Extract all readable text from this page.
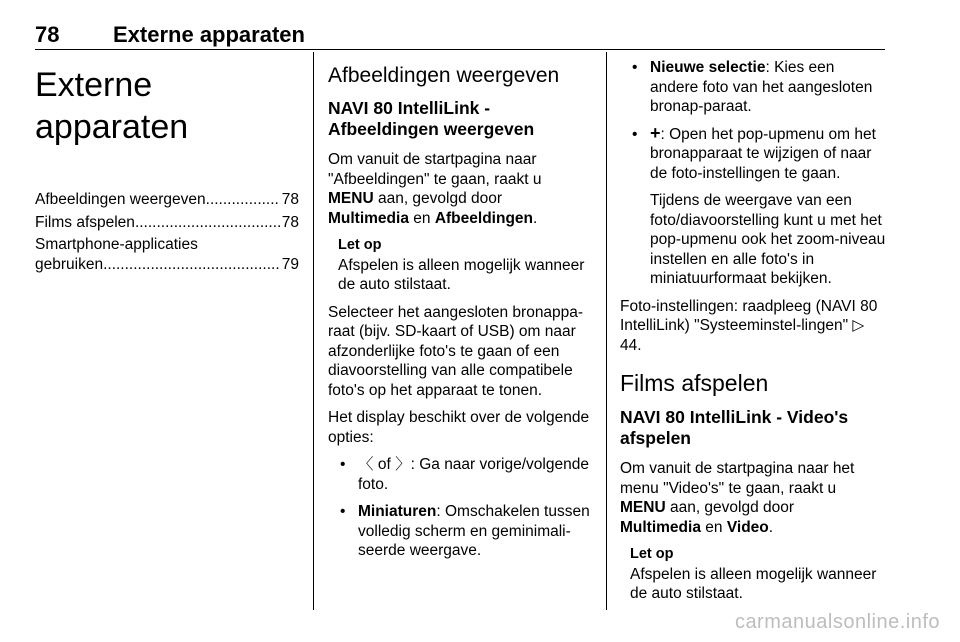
78 Externe apparaten
Externe apparaten
Afbeeldingen weergeven .....	78
Films afspelen .....	78
Smartphone-applicaties
gebruiken .....	79
Afbeeldingen weergeven
NAVI 80 IntelliLink - Afbeeldingen weergeven

Om vanuit de startpagina naar "Afbeeldingen" te gaan, raakt u
MENU aan, gevolgd door
Multimedia en Afbeeldingen.

Let op
Afspelen is alleen mogelijk wanneer de auto stilstaat.

Selecteer het aangesloten bronappa-raat (bijv. SD-kaart of USB) om naar afzonderlijke foto's te gaan of een diavoorstelling van alle compatibele foto's op het apparaat te tonen.

Het display beschikt over de volgende opties:

• 〈 of 〉: Ga naar vorige/volgende foto.
• Miniaturen: Omschakelen tussen volledig scherm en geminimali-seerde weergave.
• Nieuwe selectie: Kies een andere foto van het aangesloten bronap-paraat.
• +: Open het pop-upmenu om het bronapparaat te wijzigen of naar de foto-instellingen te gaan.
Tijdens de weergave van een foto/diavoorstelling kunt u met het pop-upmenu ook het zoom-niveau instellen en alle foto's in miniatuurformaat bekijken.

Foto-instellingen: raadpleeg (NAVI 80 IntelliLink) "Systeeminstel-lingen" ▷ 44.

Films afspelen
NAVI 80 IntelliLink - Video's afspelen

Om vanuit de startpagina naar het menu "Video's" te gaan, raakt u
MENU aan, gevolgd door
Multimedia en Video.

Let op
Afspelen is alleen mogelijk wanneer de auto stilstaat.
carmanualsonline.info
